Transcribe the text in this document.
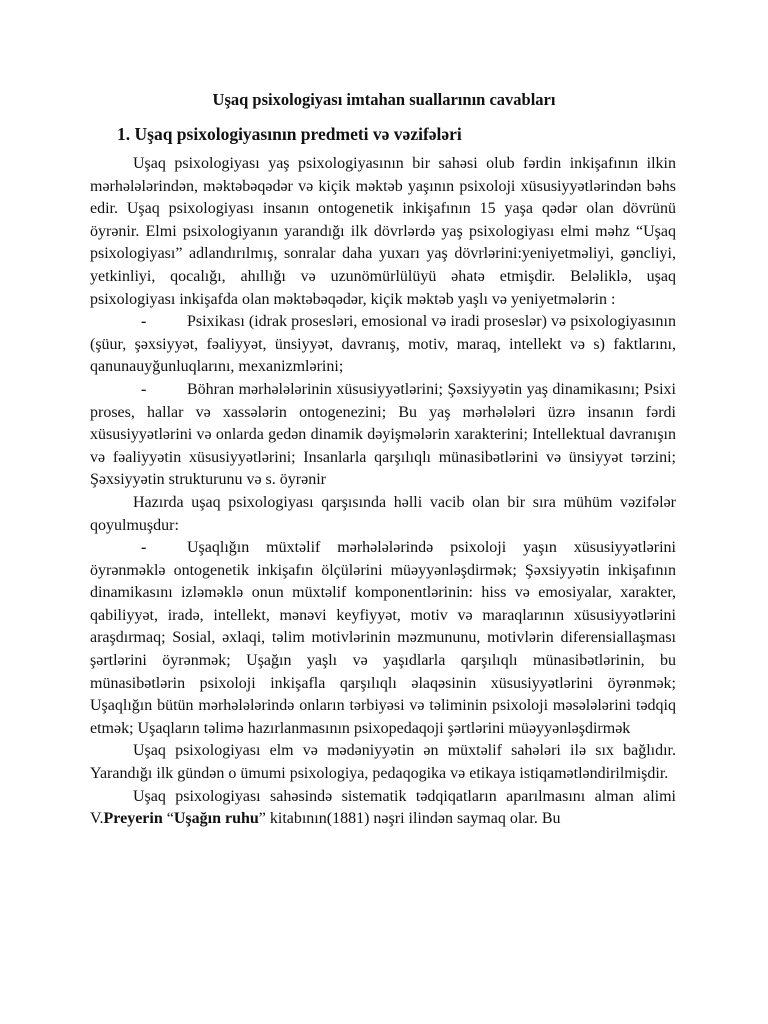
Uşaq psixologiyası imtahan suallarının cavabları
1. Uşaq psixologiyasının predmeti və vəzifələri

Uşaq psixologiyası yaş psixologiyasının bir sahəsi olub fərdin inkişafının ilkin mərhələlərindən, məktəbəqədər və kiçik məktəb yaşının psixoloji xüsusiyyətlərindən bəhs edir. Uşaq psixologiyası insanın ontogenetik inkişafının 15 yaşa qədər olan dövrünü öyrənir. Elmi psixologiyanın yarandığı ilk dövrlərdə yaş psixologiyası elmi məhz “Uşaq psixologiyası” adlandırılmış, sonralar daha yuxarı yaş dövrlərini:yeniyetməliyi, gəncliyi, yetkinliyi, qocalığı, ahıllığı və uzunömürlülüyü əhatə etmişdir. Beləliklə, uşaq psixologiyası inkişafda olan məktəbəqədər, kiçik məktəb yaşlı və yeniyetmələrin :

-	Psixikası (idrak prosesləri, emosional və iradi proseslər) və psixologiyasının (şüur, şəxsiyyət, fəaliyyət, ünsiyyət, davranış, motiv, maraq, intellekt və s) faktlarını, qanunauyğunluqlarını, mexanizmlərini;

-	Böhran mərhələlərinin xüsusiyyətlərini; Şəxsiyyətin yaş dinamikasını; Psixi proses, hallar və xassələrin ontogenezini; Bu yaş mərhələləri üzrə insanın fərdi xüsusiyyətlərini və onlarda gedən dinamik dəyişmələrin xarakterini; Intellektual davranışın və fəaliyyətin xüsusiyyətlərini; Insanlarla qarşılıqlı münasibətlərini və ünsiyyət tərzini; Şəxsiyyətin strukturunu və s. öyrənir

Hazırda uşaq psixologiyası qarşısında həlli vacib olan bir sıra mühüm vəzifələr qoyulmuşdur:

-	Uşaqlığın müxtəlif mərhələlərində psixoloji yaşın xüsusiyyətlərini öyrənməklə ontogenetik inkişafın ölçülərini müəyyənləşdirmək; Şəxsiyyətin inkişafının dinamikasını izləməklə onun müxtəlif komponentlərinin: hiss və emosiyalar, xarakter, qabiliyyət, iradə, intellekt, mənəvi keyfiyyət, motiv və maraqlarının xüsusiyyətlərini araşdırmaq; Sosial, əxlaqi, təlim motivlərinin məzmununu, motivlərin diferensiallaşması şərtlərini öyrənmək; Uşağın yaşlı və yaşıdlarla qarşılıqlı münasibətlərinin, bu münasibətlərin psixoloji inkişafla qarşılıqlı əlaqəsinin xüsusiyyətlərini öyrənmək; Uşaqlığın bütün mərhələlərində onların tərbiyəsi və təliminin psixoloji məsələlərini tədqiq etmək; Uşaqların təlimə hazırlanmasının psixopedaqoji şərtlərini müəyyənləşdirmək

Uşaq psixologiyası elm və mədəniyyətin ən müxtəlif sahələri ilə sıx bağlıdır. Yarandığı ilk gündən o ümumi psixologiya, pedaqogika və etikaya istiqamətləndirilmişdir.

Uşaq psixologiyası sahəsində sistematik tədqiqatların aparılmasını alman alimi V.Preyerin “Uşağın ruhu” kitabının(1881) nəşri ilindən saymaq olar. Bu
